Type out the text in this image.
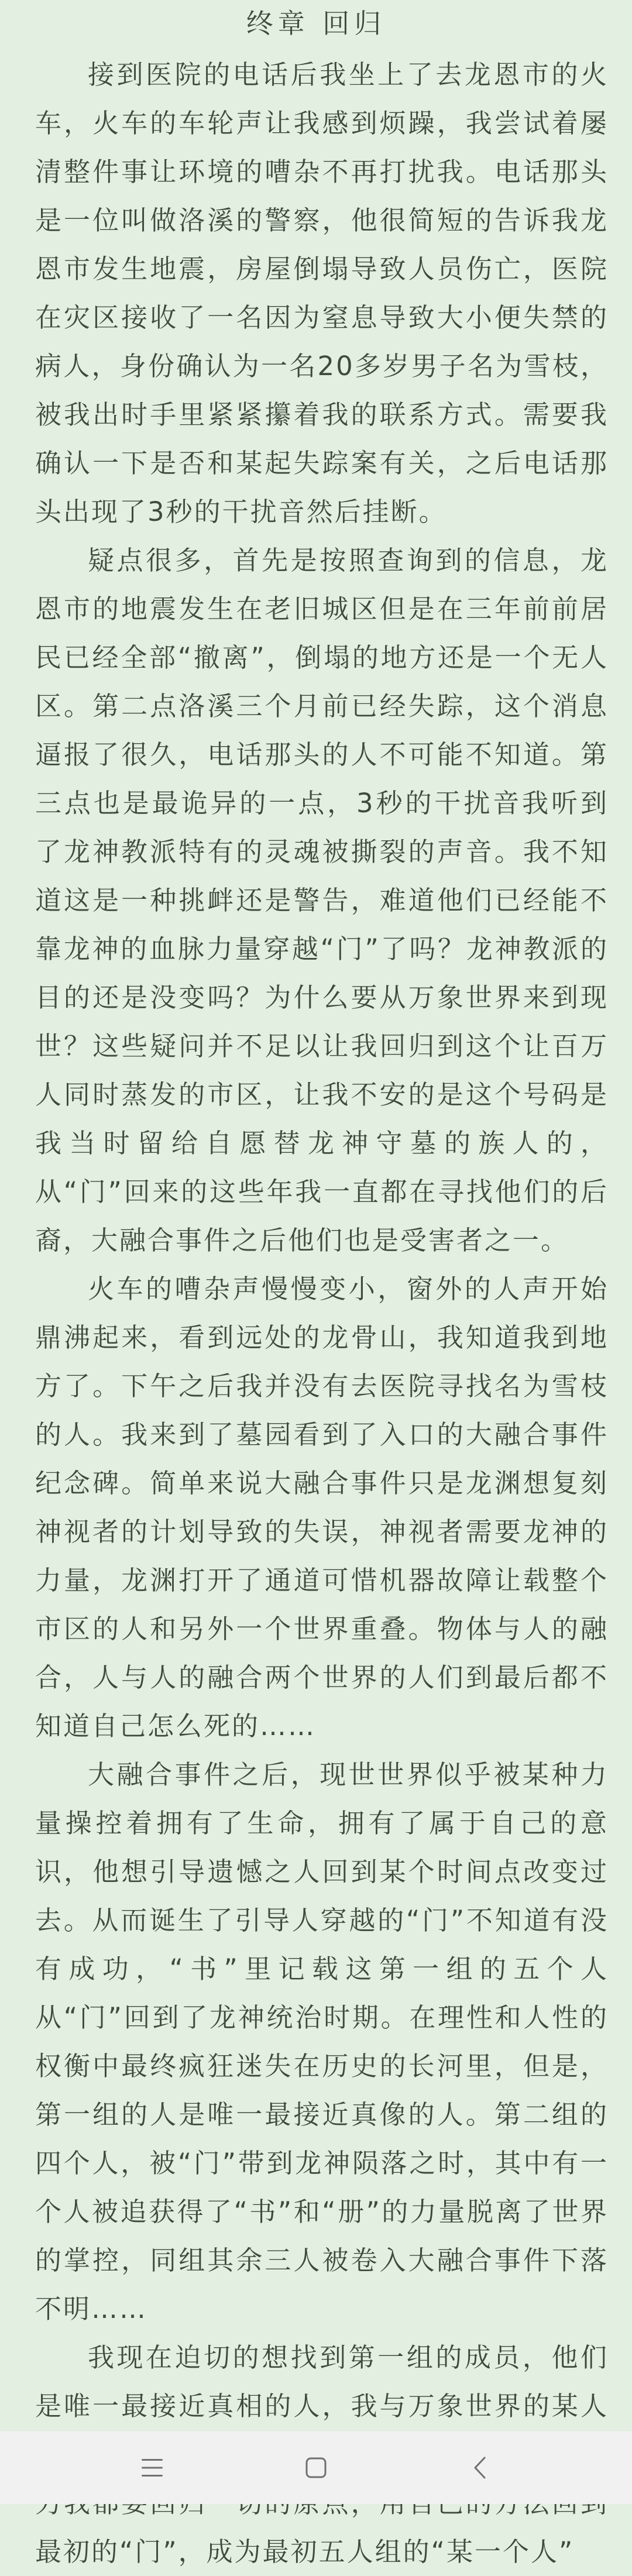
终章 回归

接到医院的电话后我坐上了去龙恩市的火车，火车的车轮声让我感到烦躁，我尝试着屡清整件事让环境的嘈杂不再打扰我。电话那头是一位叫做洛溪的警察，他很简短的告诉我龙恩市发生地震，房屋倒塌导致人员伤亡，医院在灾区接收了一名因为窒息导致大小便失禁的病人，身份确认为一名20多岁男子名为雪枝，被我出时手里紧紧攥着我的联系方式。需要我确认一下是否和某起失踪案有关，之后电话那头出现了3秒的干扰音然后挂断。

疑点很多，首先是按照查询到的信息，龙恩市的地震发生在老旧城区但是在三年前前居民已经全部“撤离”，倒塌的地方还是一个无人区。第二点洛溪三个月前已经失踪，这个消息逼报了很久，电话那头的人不可能不知道。第三点也是最诡异的一点，3秒的干扰音我听到了龙神教派特有的灵魂被撕裂的声音。我不知道这是一种挑衅还是警告，难道他们已经能不靠龙神的血脉力量穿越“门”了吗？龙神教派的目的还是没变吗？为什么要从万象世界来到现世？这些疑问并不足以让我回归到这个让百万人同时蒸发的市区，让我不安的是这个号码是我当时留给自愿替龙神守墓的族人的，从“门”回来的这些年我一直都在寻找他们的后裔，大融合事件之后他们也是受害者之一。

火车的嘈杂声慢慢变小，窗外的人声开始鼎沸起来，看到远处的龙骨山，我知道我到地方了。下午之后我并没有去医院寻找名为雪枝的人。我来到了墓园看到了入口的大融合事件纪念碑。简单来说大融合事件只是龙渊想复刻神视者的计划导致的失误，神视者需要龙神的力量，龙渊打开了通道可惜机器故障让载整个市区的人和另外一个世界重叠。物体与人的融合，人与人的融合两个世界的人们到最后都不知道自己怎么死的……

大融合事件之后，现世世界似乎被某种力量操控着拥有了生命，拥有了属于自己的意识，他想引导遗憾之人回到某个时间点改变过去。从而诞生了引导人穿越的“门”不知道有没有成功，“书”里记载这第一组的五个人从“门”回到了龙神统治时期。在理性和人性的权衡中最终疯狂迷失在历史的长河里，但是，第一组的人是唯一最接近真像的人。第二组的四个人，被“门”带到龙神陨落之时，其中有一个人被追获得了“书”和“册”的力量脱离了世界的掌控，同组其余三人被卷入大融合事件下落不明……

我现在迫切的想找到第一组的成员，他们是唯一最接近真相的人，我与万象世界的某人 最初的“门”，成为最初五人组的“某一个人”
